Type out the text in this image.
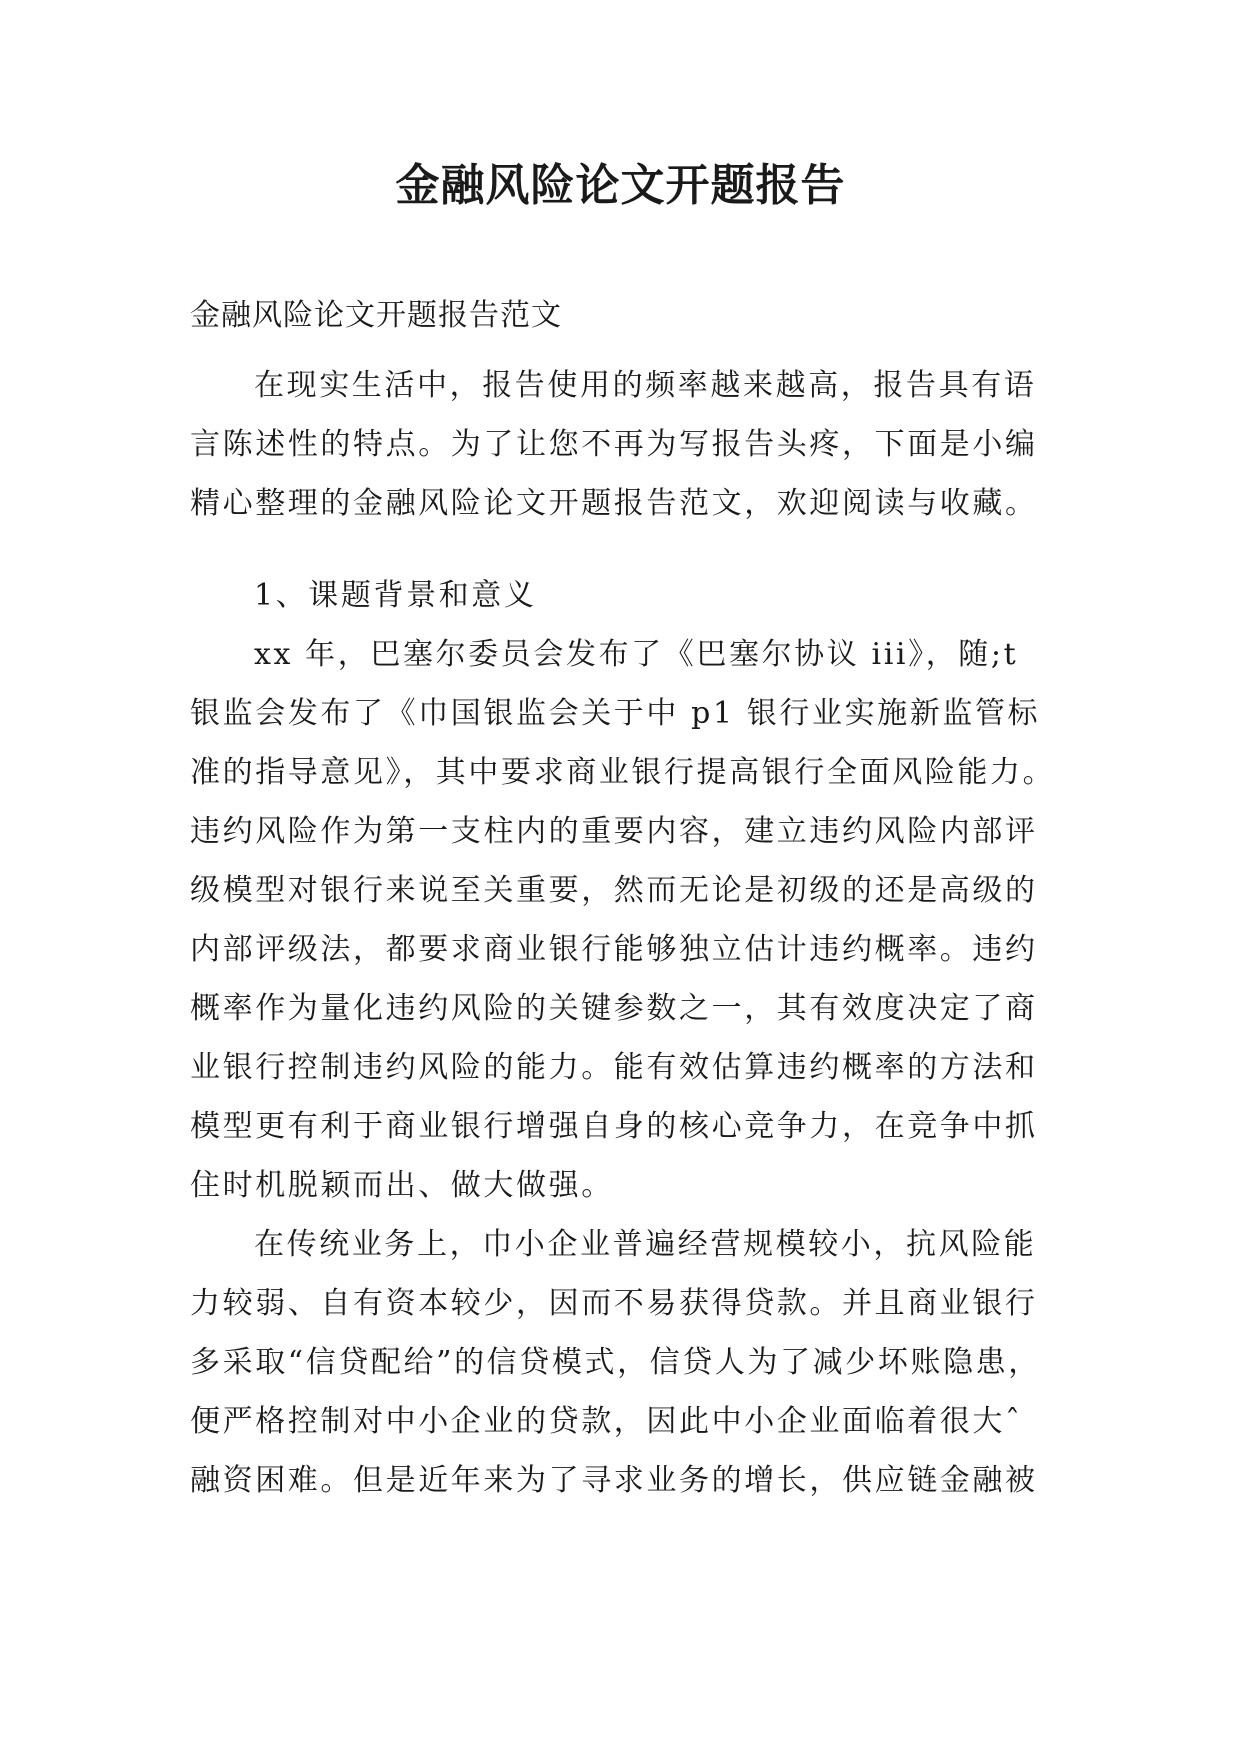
金融风险论文开题报告
金融风险论文开题报告范文
在现实生活中，报告使用的频率越来越高，报告具有语
言陈述性的特点。为了让您不再为写报告头疼，下面是小编
精心整理的金融风险论文开题报告范文，欢迎阅读与收藏。
1、课题背景和意义
xx 年，巴塞尔委员会发布了《巴塞尔协议 iii》，随;t
银监会发布了《巾国银监会关于中 p1 银行业实施新监管标
准的指导意见》，其中要求商业银行提高银行全面风险能力。
违约风险作为第一支柱内的重要内容，建立违约风险内部评
级模型对银行来说至关重要，然而无论是初级的还是高级的
内部评级法，都要求商业银行能够独立估计违约概率。违约
概率作为量化违约风险的关键参数之一，其有效度决定了商
业银行控制违约风险的能力。能有效估算违约概率的方法和
模型更有利于商业银行增强自身的核心竞争力，在竞争中抓
住时机脱颖而出、做大做强。
在传统业务上，巾小企业普遍经营规模较小，抗风险能
力较弱、自有资本较少，因而不易获得贷款。并且商业银行
多采取“信贷配给”的信贷模式，信贷人为了减少坏账隐患，
便严格控制对中小企业的贷款，因此中小企业面临着很大ˆ
融资困难。但是近年来为了寻求业务的增长，供应链金融被
